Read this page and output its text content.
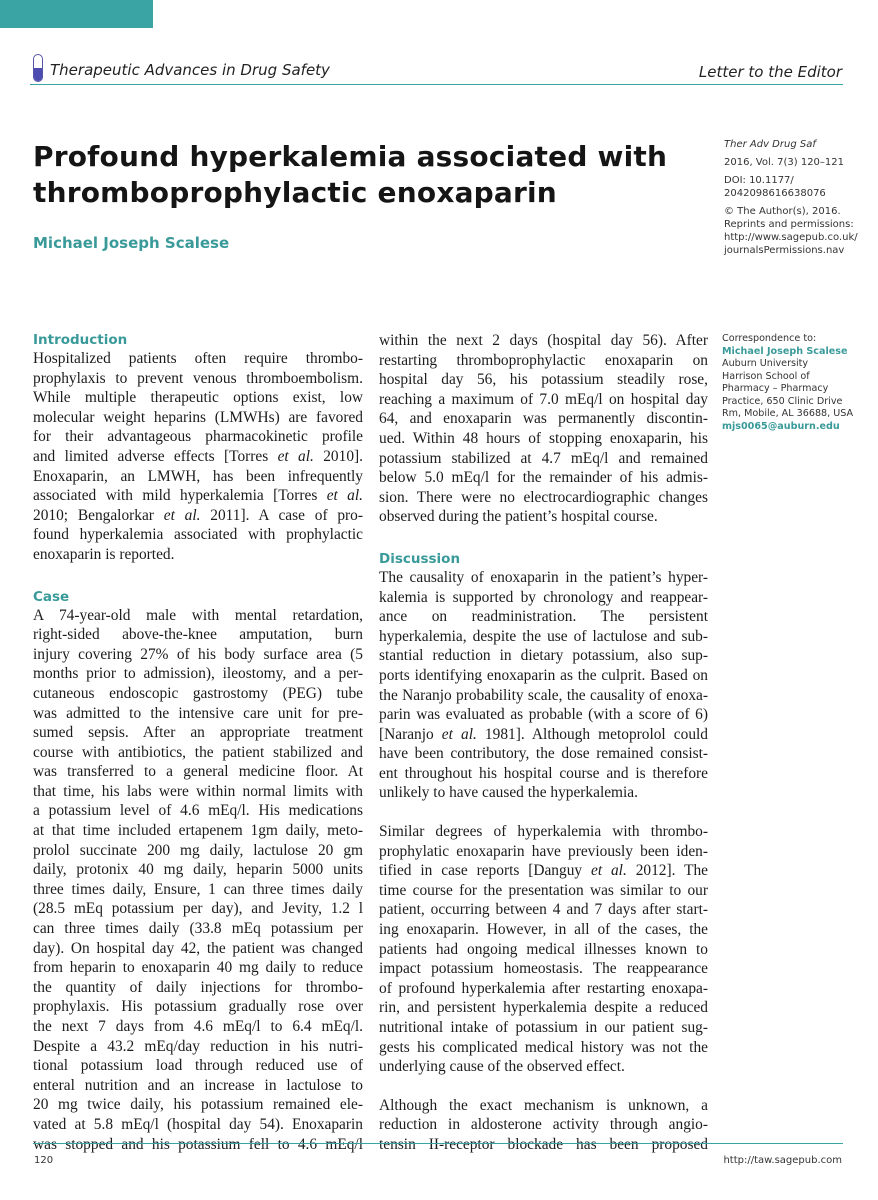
Therapeutic Advances in Drug Safety	Letter to the Editor
Profound hyperkalemia associated with
thromboprophylactic enoxaparin
Michael Joseph Scalese
Ther Adv Drug Saf
2016, Vol. 7(3) 120–121
DOI: 10.1177/
2042098616638076
© The Author(s), 2016.
Reprints and permissions:
http://www.sagepub.co.uk/
journalsPermissions.nav
Correspondence to:
Michael Joseph Scalese
Auburn University
Harrison School of
Pharmacy – Pharmacy
Practice, 650 Clinic Drive
Rm, Mobile, AL 36688, USA
mjs0065@auburn.edu
Introduction
Hospitalized patients often require thrombo-
prophylaxis to prevent venous thromboembolism.
While multiple therapeutic options exist, low
molecular weight heparins (LMWHs) are favored
for their advantageous pharmacokinetic profile
and limited adverse effects [Torres et al. 2010].
Enoxaparin, an LMWH, has been infrequently
associated with mild hyperkalemia [Torres et al.
2010; Bengalorkar et al. 2011]. A case of pro-
found hyperkalemia associated with prophylactic
enoxaparin is reported.
Case
A 74-year-old male with mental retardation,
right-sided above-the-knee amputation, burn
injury covering 27% of his body surface area (5
months prior to admission), ileostomy, and a per-
cutaneous endoscopic gastrostomy (PEG) tube
was admitted to the intensive care unit for pre-
sumed sepsis. After an appropriate treatment
course with antibiotics, the patient stabilized and
was transferred to a general medicine floor. At
that time, his labs were within normal limits with
a potassium level of 4.6 mEq/l. His medications
at that time included ertapenem 1gm daily, meto-
prolol succinate 200 mg daily, lactulose 20 gm
daily, protonix 40 mg daily, heparin 5000 units
three times daily, Ensure, 1 can three times daily
(28.5 mEq potassium per day), and Jevity, 1.2 l
can three times daily (33.8 mEq potassium per
day). On hospital day 42, the patient was changed
from heparin to enoxaparin 40 mg daily to reduce
the quantity of daily injections for thrombo-
prophylaxis. His potassium gradually rose over
the next 7 days from 4.6 mEq/l to 6.4 mEq/l.
Despite a 43.2 mEq/day reduction in his nutri-
tional potassium load through reduced use of
enteral nutrition and an increase in lactulose to
20 mg twice daily, his potassium remained ele-
vated at 5.8 mEq/l (hospital day 54). Enoxaparin
was stopped and his potassium fell to 4.6 mEq/l
within the next 2 days (hospital day 56). After
restarting thromboprophylactic enoxaparin on
hospital day 56, his potassium steadily rose,
reaching a maximum of 7.0 mEq/l on hospital day
64, and enoxaparin was permanently discontin-
ued. Within 48 hours of stopping enoxaparin, his
potassium stabilized at 4.7 mEq/l and remained
below 5.0 mEq/l for the remainder of his admis-
sion. There were no electrocardiographic changes
observed during the patient’s hospital course.
Discussion
The causality of enoxaparin in the patient’s hyper-
kalemia is supported by chronology and reappear-
ance on readministration. The persistent
hyperkalemia, despite the use of lactulose and sub-
stantial reduction in dietary potassium, also sup-
ports identifying enoxaparin as the culprit. Based on
the Naranjo probability scale, the causality of enoxa-
parin was evaluated as probable (with a score of 6)
[Naranjo et al. 1981]. Although metoprolol could
have been contributory, the dose remained consist-
ent throughout his hospital course and is therefore
unlikely to have caused the hyperkalemia.
Similar degrees of hyperkalemia with thrombo-
prophylatic enoxaparin have previously been iden-
tified in case reports [Danguy et al. 2012]. The
time course for the presentation was similar to our
patient, occurring between 4 and 7 days after start-
ing enoxaparin. However, in all of the cases, the
patients had ongoing medical illnesses known to
impact potassium homeostasis. The reappearance
of profound hyperkalemia after restarting enoxapa-
rin, and persistent hyperkalemia despite a reduced
nutritional intake of potassium in our patient sug-
gests his complicated medical history was not the
underlying cause of the observed effect.
Although the exact mechanism is unknown, a
reduction in aldosterone activity through angio-
tensin II-receptor blockade has been proposed
120	http://taw.sagepub.com
